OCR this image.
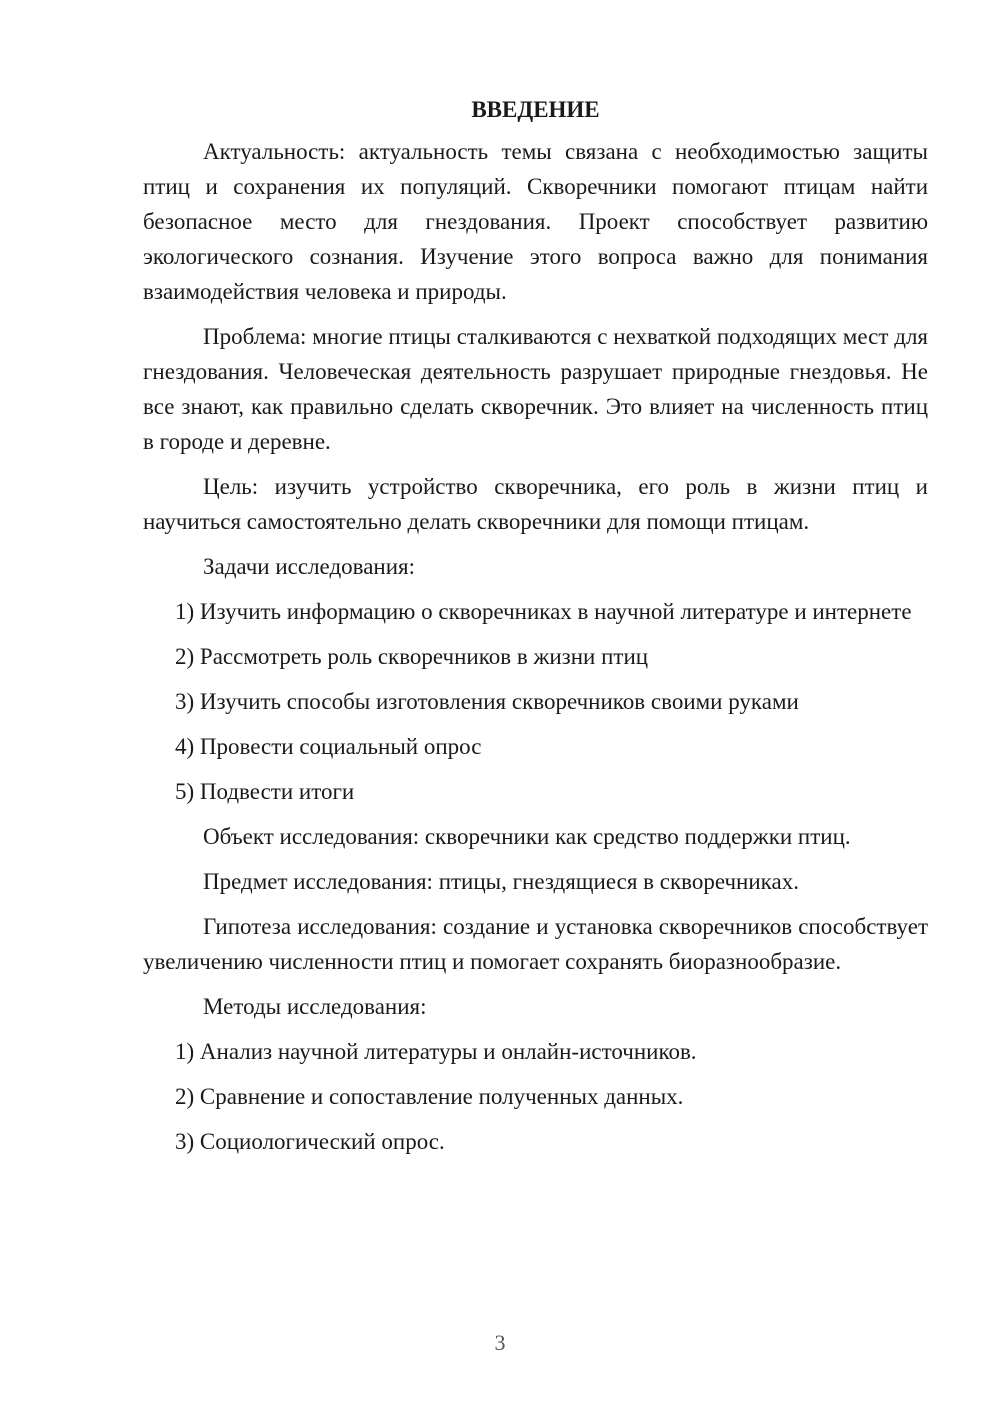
ВВЕДЕНИЕ

Актуальность: актуальность темы связана с необходимостью защиты птиц и сохранения их популяций. Скворечники помогают птицам найти безопасное место для гнездования. Проект способствует развитию экологического сознания. Изучение этого вопроса важно для понимания взаимодействия человека и природы.

Проблема: многие птицы сталкиваются с нехваткой подходящих мест для гнездования. Человеческая деятельность разрушает природные гнездовья. Не все знают, как правильно сделать скворечник. Это влияет на численность птиц в городе и деревне.

Цель: изучить устройство скворечника, его роль в жизни птиц и научиться самостоятельно делать скворечники для помощи птицам.

Задачи исследования:

1) Изучить информацию о скворечниках в научной литературе и интернете

2) Рассмотреть роль скворечников в жизни птиц

3) Изучить способы изготовления скворечников своими руками

4) Провести социальный опрос

5) Подвести итоги

Объект исследования: скворечники как средство поддержки птиц.

Предмет исследования: птицы, гнездящиеся в скворечниках.

Гипотеза исследования: создание и установка скворечников способствует увеличению численности птиц и помогает сохранять биоразнообразие.

Методы исследования:

1) Анализ научной литературы и онлайн-источников.

2) Сравнение и сопоставление полученных данных.

3) Социологический опрос.

3
